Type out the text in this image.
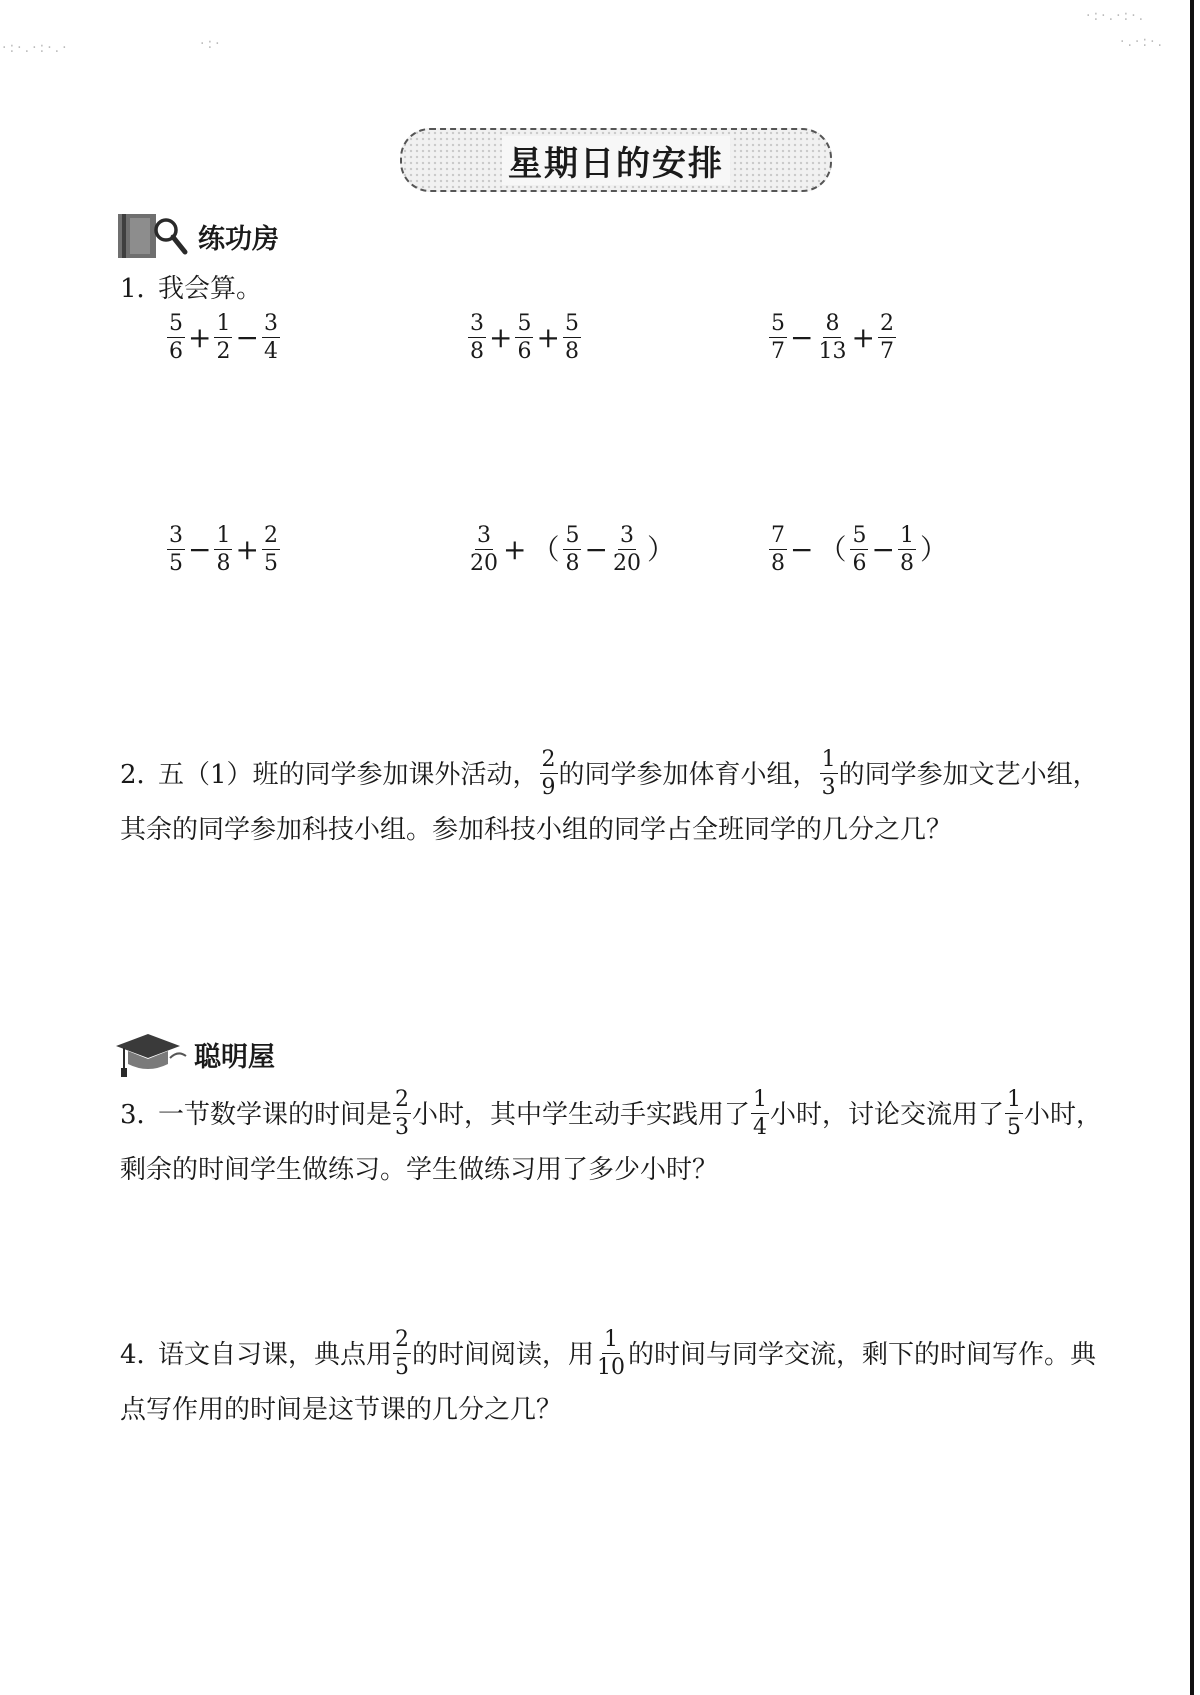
·:·.·:·.·	·:·
·:·.·:·.
·.·:·.
星期日的安排
练功房
1．我会算。
$\frac{5}{6} + \frac{1}{2} - \frac{3}{4}$	$\frac{3}{8} + \frac{5}{6} + \frac{5}{8}$	$\frac{5}{7} - \frac{8}{13} + \frac{2}{7}$
$\frac{3}{5} - \frac{1}{8} + \frac{2}{5}$	$\frac{3}{20}$ + （ $\frac{5}{8} - \frac{3}{20}$ ）	$\frac{7}{8}$ − （ $\frac{5}{6} - \frac{1}{8}$ ）
2．五（1）班的同学参加课外活动， $\frac{2}{9}$ 的同学参加体育小组， $\frac{1}{3}$ 的同学参加文艺小组，其余的同学参加科技小组。参加科技小组的同学占全班同学的几分之几？
聪明屋
3．一节数学课的时间是 $\frac{2}{3}$ 小时，其中学生动手实践用了 $\frac{1}{4}$ 小时，讨论交流用了 $\frac{1}{5}$ 小时，剩余的时间学生做练习。学生做练习用了多少小时？
4．语文自习课，典点用 $\frac{2}{5}$ 的时间阅读，用 $\frac{1}{10}$ 的时间与同学交流，剩下的时间写作。典点写作用的时间是这节课的几分之几？
